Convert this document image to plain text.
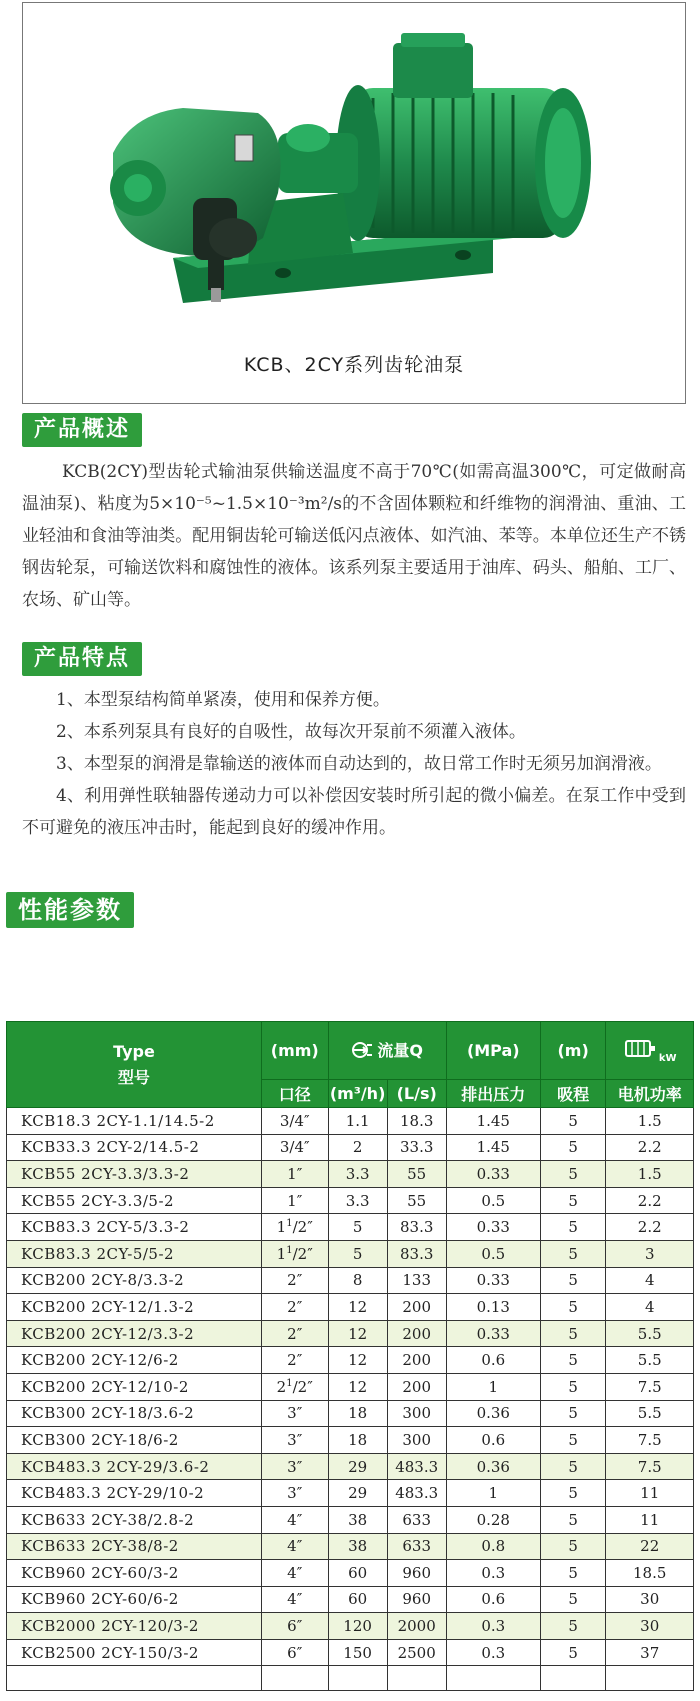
KCB、2CY系列齿轮油泵
产品概述
KCB(2CY)型齿轮式输油泵供输送温度不高于70℃(如需高温300℃，可定做耐高温油泵)、粘度为5×10⁻⁵~1.5×10⁻³m²/s的不含固体颗粒和纤维物的润滑油、重油、工业轻油和食油等油类。配用铜齿轮可输送低闪点液体、如汽油、苯等。本单位还生产不锈钢齿轮泵，可输送饮料和腐蚀性的液体。该系列泵主要适用于油库、码头、船舶、工厂、农场、矿山等。
产品特点

1、本型泵结构简单紧凑，使用和保养方便。

2、本系列泵具有良好的自吸性，故每次开泵前不须灌入液体。

3、本型泵的润滑是靠输送的液体而自动达到的，故日常工作时无须另加润滑液。

4、利用弹性联轴器传递动力可以补偿因安装时所引起的微小偏差。在泵工作中受到不可避免的液压冲击时，能起到良好的缓冲作用。

性能参数
Type
型号	(mm)	流量Q		(MPa)	(m)	kW
	口径	(m³/h)	(L/s)	排出压力	吸程	电机功率
KCB18.3 2CY-1.1/14.5-2	3/4″	1.1	18.3	1.45	5	1.5
KCB33.3 2CY-2/14.5-2	3/4″	2	33.3	1.45	5	2.2
KCB55 2CY-3.3/3.3-2	1″	3.3	55	0.33	5	1.5
KCB55 2CY-3.3/5-2	1″	3.3	55	0.5	5	2.2
KCB83.3 2CY-5/3.3-2	$1^1/2''$	5	83.3	0.33	5	2.2
KCB83.3 2CY-5/5-2	$1^1/2''$	5	83.3	0.5	5	3
KCB200 2CY-8/3.3-2	2″	8	133	0.33	5	4
KCB200 2CY-12/1.3-2	2″	12	200	0.13	5	4
KCB200 2CY-12/3.3-2	2″	12	200	0.33	5	5.5
KCB200 2CY-12/6-2	2″	12	200	0.6	5	5.5
KCB200 2CY-12/10-2	$2^1/2''$	12	200	1	5	7.5
KCB300 2CY-18/3.6-2	3″	18	300	0.36	5	5.5
KCB300 2CY-18/6-2	3″	18	300	0.6	5	7.5
KCB483.3 2CY-29/3.6-2	3″	29	483.3	0.36	5	7.5
KCB483.3 2CY-29/10-2	3″	29	483.3	1	5	11
KCB633 2CY-38/2.8-2	4″	38	633	0.28	5	11
KCB633 2CY-38/8-2	4″	38	633	0.8	5	22
KCB960 2CY-60/3-2	4″	60	960	0.3	5	18.5
KCB960 2CY-60/6-2	4″	60	960	0.6	5	30
KCB2000 2CY-120/3-2	6″	120	2000	0.3	5	30
KCB2500 2CY-150/3-2	6″	150	2500	0.3	5	37
